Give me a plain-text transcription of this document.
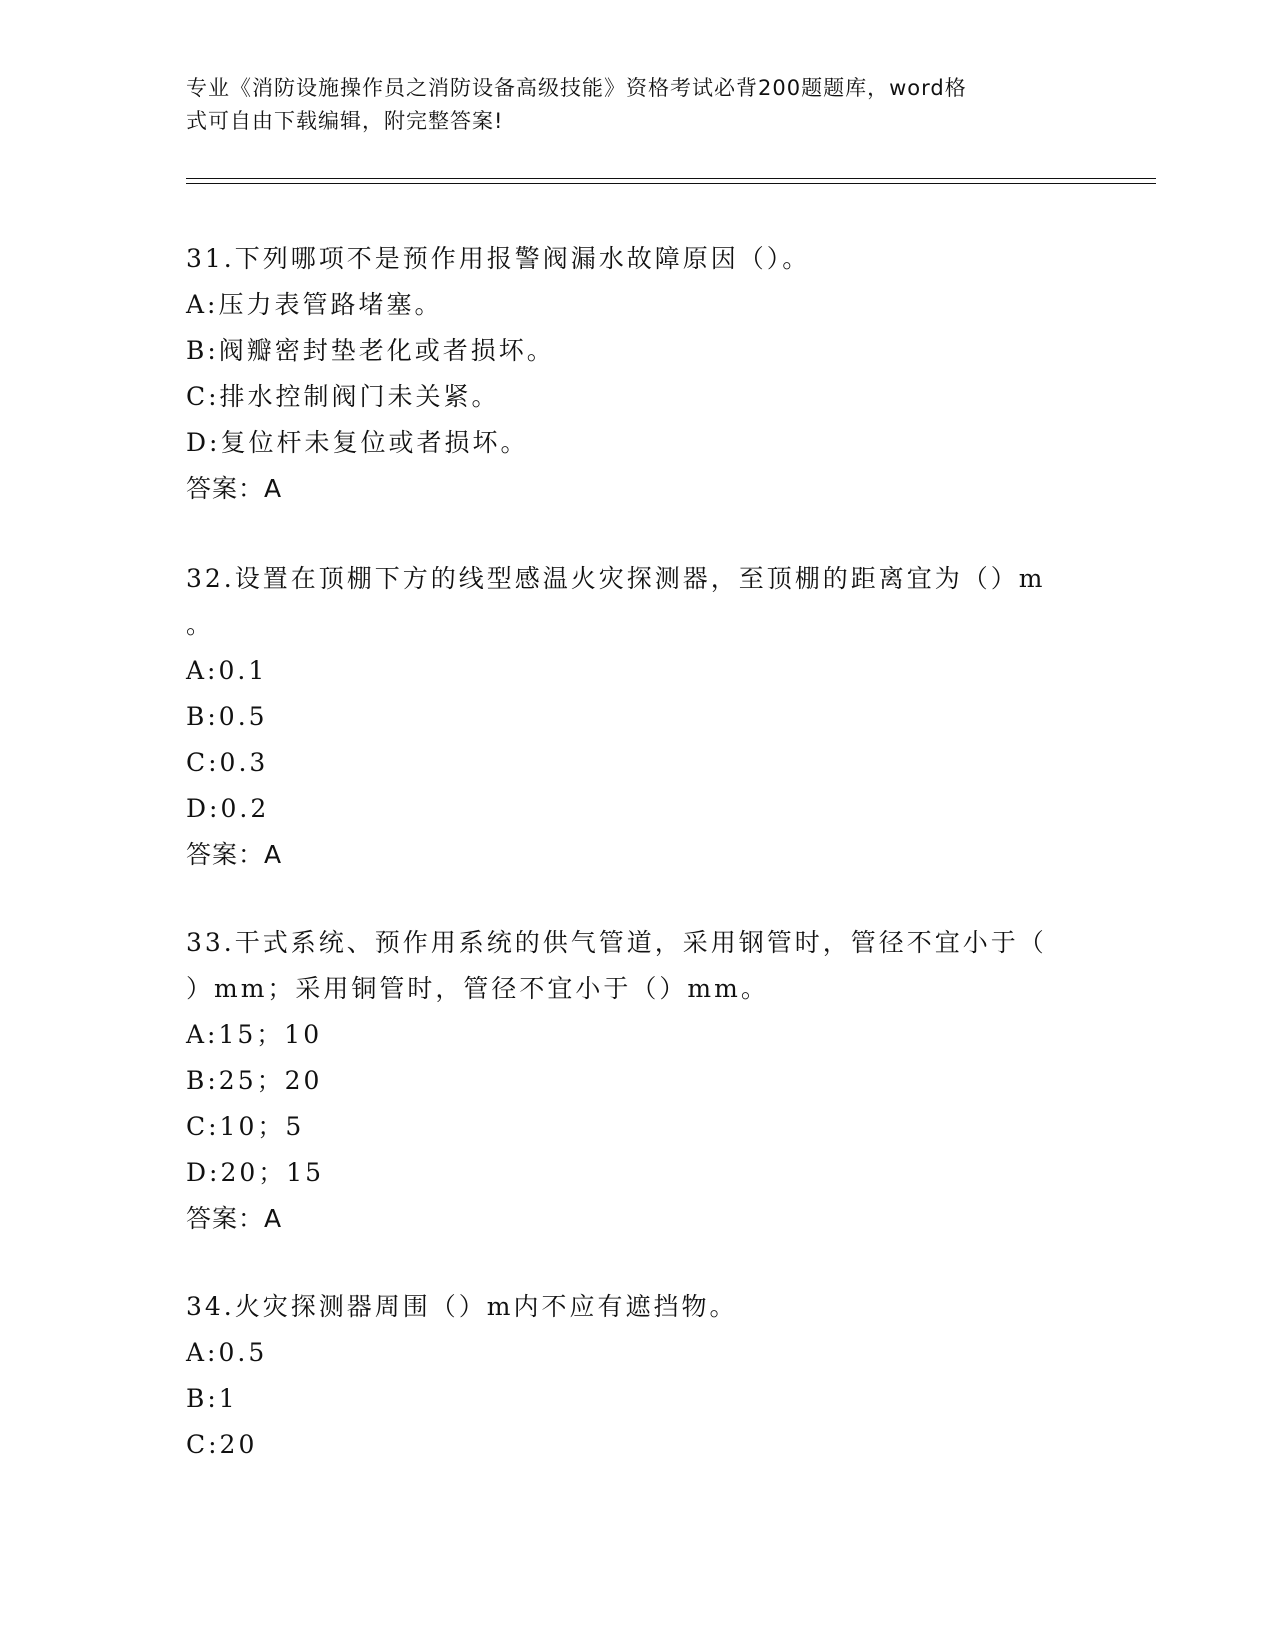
专业《消防设施操作员之消防设备高级技能》资格考试必背200题题库，word格
式可自由下载编辑，附完整答案!

31.下列哪项不是预作用报警阀漏水故障原因（）。

A:压力表管路堵塞。

B:阀瓣密封垫老化或者损坏。

C:排水控制阀门未关紧。

D:复位杆未复位或者损坏。

答案：A

32.设置在顶棚下方的线型感温火灾探测器，至顶棚的距离宜为（）m

。

A:0.1

B:0.5

C:0.3

D:0.2

答案：A

33.干式系统、预作用系统的供气管道，采用钢管时，管径不宜小于（

）mm；采用铜管时，管径不宜小于（）mm。

A:15；10

B:25；20

C:10；5

D:20；15

答案：A

34.火灾探测器周围（）m内不应有遮挡物。

A:0.5

B:1

C:20
